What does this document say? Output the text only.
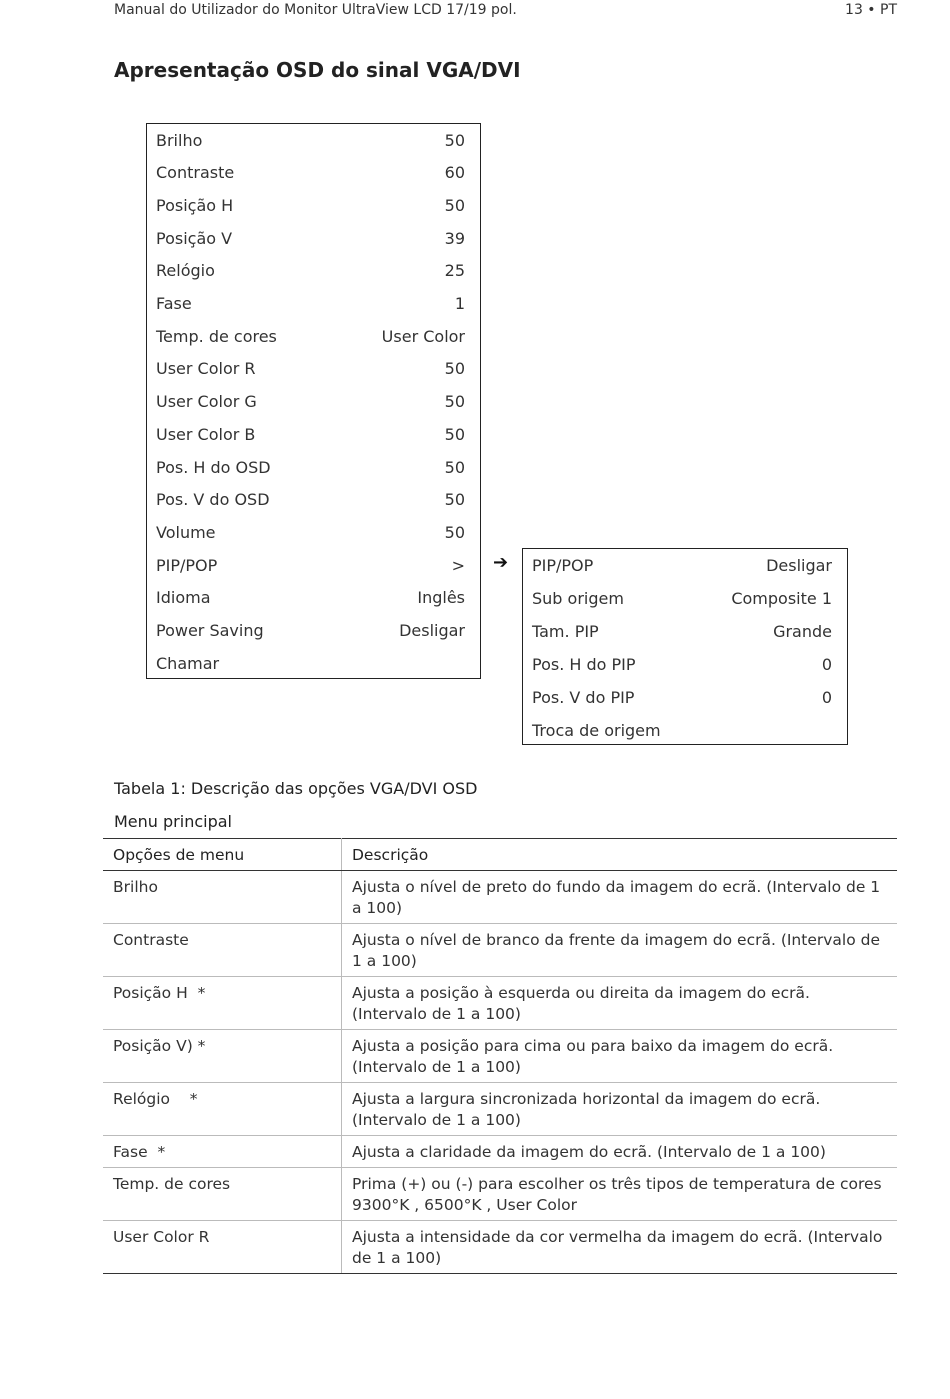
Manual do Utilizador do Monitor UltraView LCD 17/19 pol.	13 • PT
Apresentação OSD do sinal VGA/DVI
Brilho	50
Contraste	60
Posição H	50
Posição V	39
Relógio	25
Fase	1
Temp. de cores	User Color
User Color R	50
User Color G	50
User Color B	50
Pos. H do OSD	50
Pos. V do OSD	50
Volume	50
PIP/POP	>
Idioma	Inglês
Power Saving	Desligar
Chamar
➔ PIP/POP	Desligar
Sub origem	Composite 1
Tam. PIP	Grande
Pos. H do PIP	0
Pos. V do PIP	0
Troca de origem
Tabela 1: Descrição das opções VGA/DVI OSD
Menu principal
Opções de menu	Descrição
Brilho	Ajusta o nível de preto do fundo da imagem do ecrã. (Intervalo de 1 a 100)
Contraste	Ajusta o nível de branco da frente da imagem do ecrã. (Intervalo de 1 a 100)
Posição H  *	Ajusta a posição à esquerda ou direita da imagem do ecrã. (Intervalo de 1 a 100)
Posição V) *	Ajusta a posição para cima ou para baixo da imagem do ecrã. (Intervalo de 1 a 100)
Relógio    *	Ajusta a largura sincronizada horizontal da imagem do ecrã. (Intervalo de 1 a 100)
Fase  *	Ajusta a claridade da imagem do ecrã. (Intervalo de 1 a 100)
Temp. de cores	Prima (+) ou (-) para escolher os três tipos de temperatura de cores 9300°K , 6500°K , User Color
User Color R	Ajusta a intensidade da cor vermelha da imagem do ecrã. (Intervalo de 1 a 100)
